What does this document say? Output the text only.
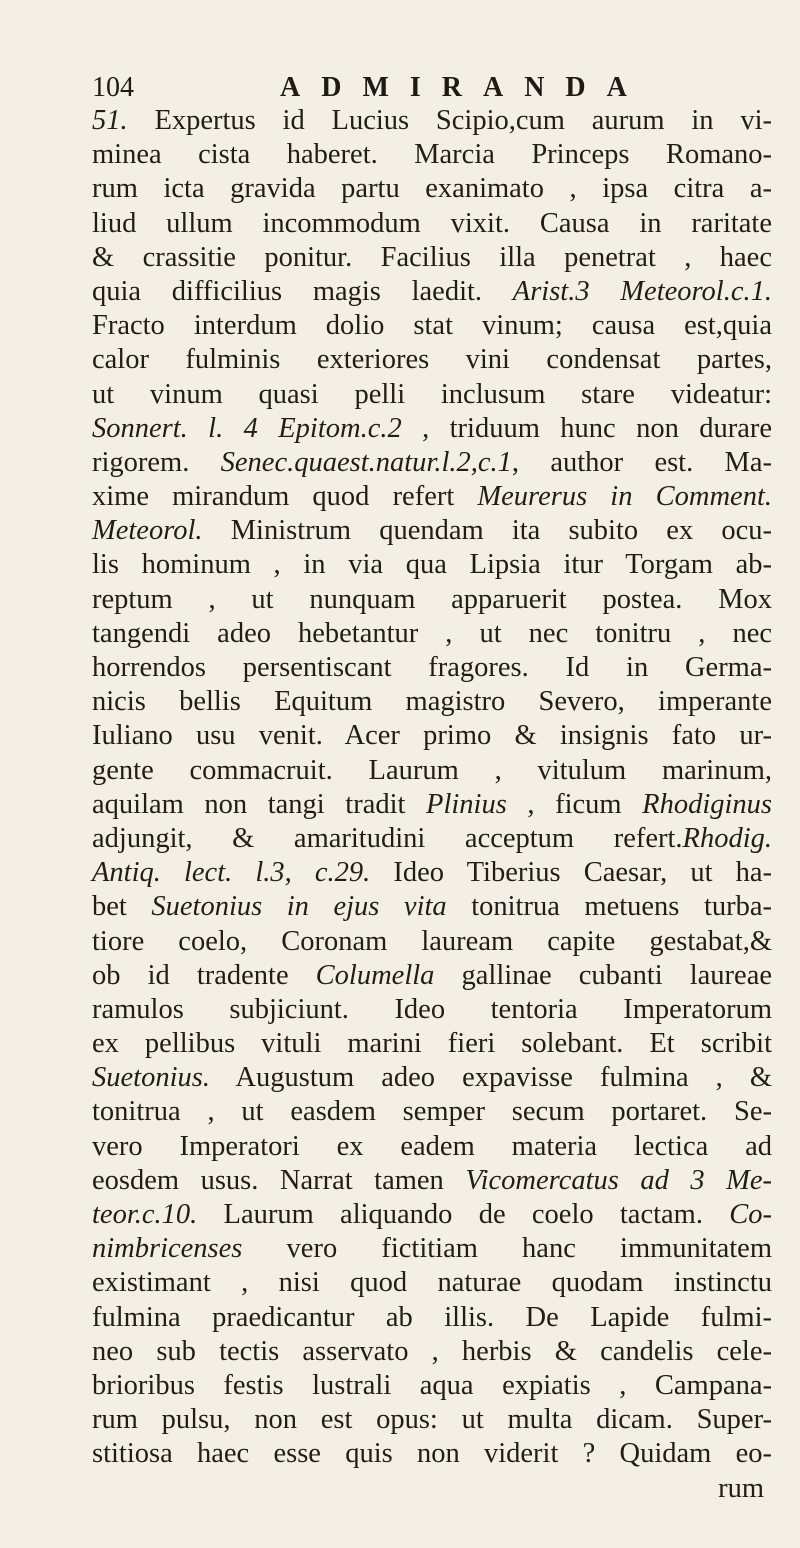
104	ADMIRANDA
51. Expertus id Lucius Scipio,cum aurum in vi-
minea cista haberet. Marcia Princeps Romano-
rum icta gravida partu exanimato , ipsa citra a-
liud ullum incommodum vixit. Causa in raritate
& crassitie ponitur. Facilius illa penetrat , haec
quia difficilius magis laedit. Arist.3 Meteorol.c.1.
Fracto interdum dolio stat vinum; causa est,quia
calor fulminis exteriores vini condensat partes,
ut vinum quasi pelli inclusum stare videatur:
Sonnert. l. 4 Epitom.c.2 , triduum hunc non durare
rigorem. Senec.quaest.natur.l.2,c.1, author est. Ma-
xime mirandum quod refert Meurerus in Comment.
Meteorol. Ministrum quendam ita subito ex ocu-
lis hominum , in via qua Lipsia itur Torgam ab-
reptum , ut nunquam apparuerit postea. Mox
tangendi adeo hebetantur , ut nec tonitru , nec
horrendos persentiscant fragores. Id in Germa-
nicis bellis Equitum magistro Severo, imperante
Iuliano usu venit. Acer primo & insignis fato ur-
gente commacruit. Laurum , vitulum marinum,
aquilam non tangi tradit Plinius , ficum Rhodiginus
adjungit, & amaritudini acceptum refert.Rhodig.
Antiq. lect. l.3, c.29. Ideo Tiberius Caesar, ut ha-
bet Suetonius in ejus vita tonitrua metuens turba-
tiore coelo, Coronam lauream capite gestabat,&
ob id tradente Columella gallinae cubanti laureae
ramulos subjiciunt. Ideo tentoria Imperatorum
ex pellibus vituli marini fieri solebant. Et scribit
Suetonius. Augustum adeo expavisse fulmina , &
tonitrua , ut easdem semper secum portaret. Se-
vero Imperatori ex eadem materia lectica ad
eosdem usus. Narrat tamen Vicomercatus ad 3 Me-
teor.c.10. Laurum aliquando de coelo tactam. Co-
nimbricenses vero fictitiam hanc immunitatem
existimant , nisi quod naturae quodam instinctu
fulmina praedicantur ab illis. De Lapide fulmi-
neo sub tectis asservato , herbis & candelis cele-
brioribus festis lustrali aqua expiatis , Campana-
rum pulsu, non est opus: ut multa dicam. Super-
stitiosa haec esse quis non viderit ? Quidam eo-
rum
